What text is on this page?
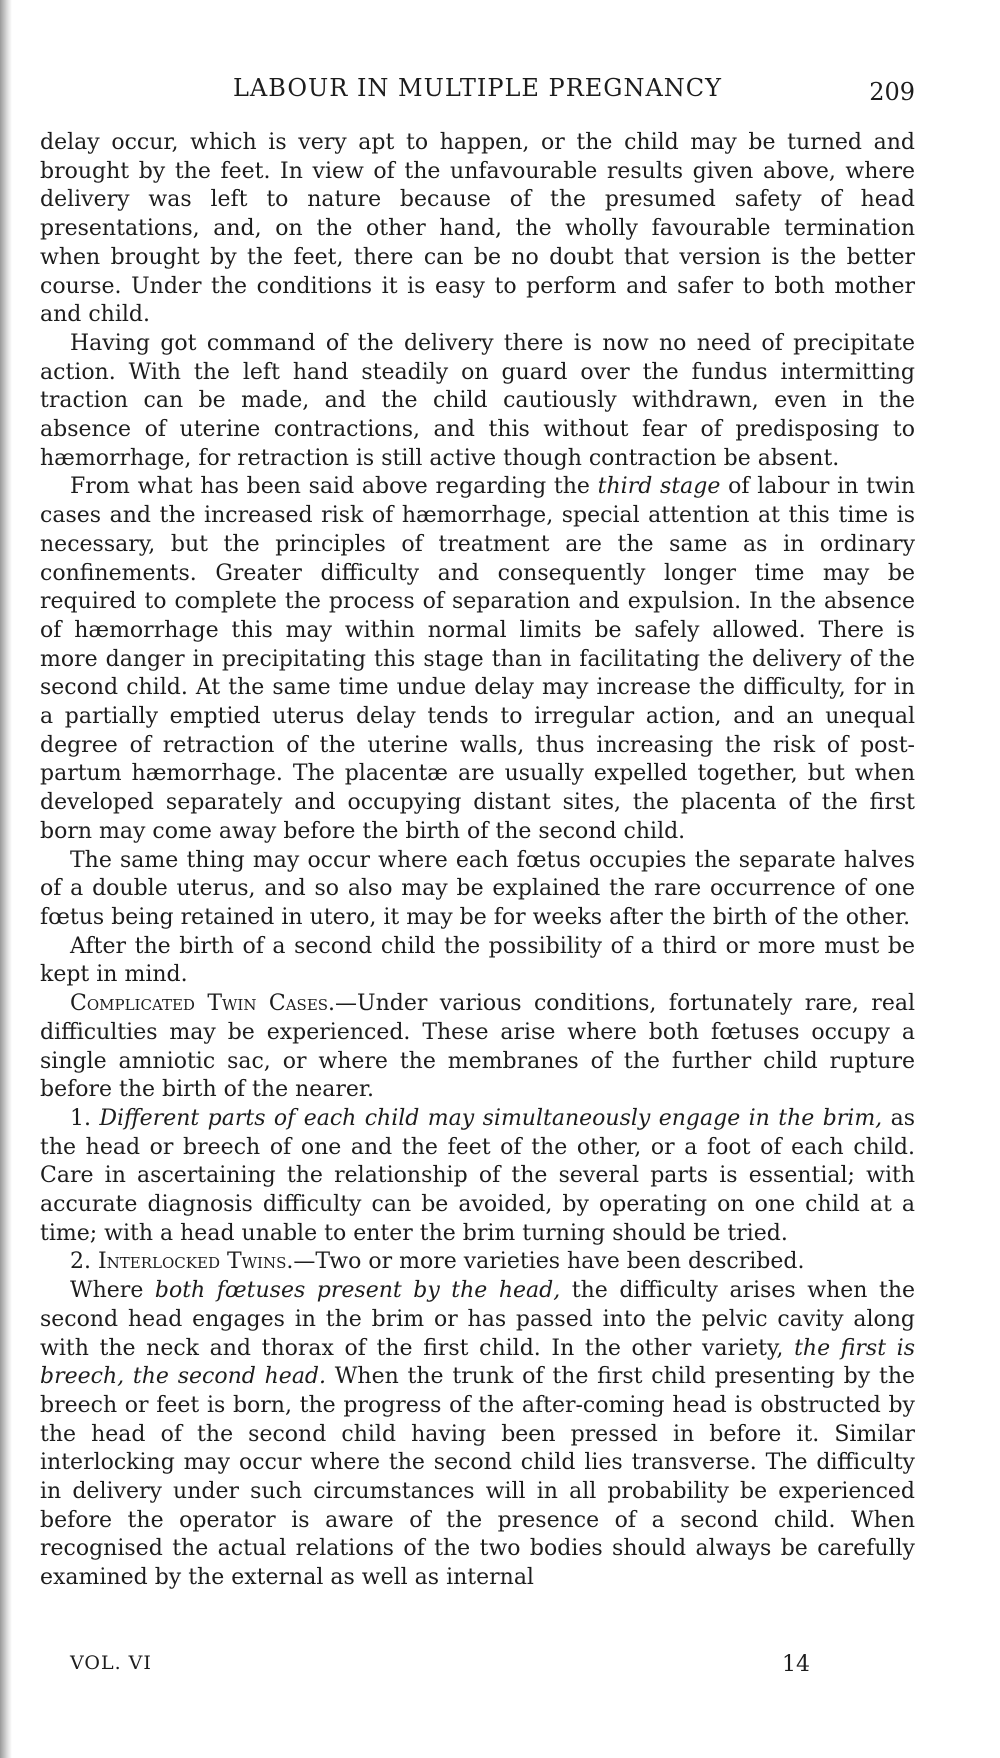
LABOUR IN MULTIPLE PREGNANCY	209

delay occur, which is very apt to happen, or the child may be turned and brought by the feet. In view of the unfavourable results given above, where delivery was left to nature because of the presumed safety of head presentations, and, on the other hand, the wholly favourable termination when brought by the feet, there can be no doubt that version is the better course. Under the conditions it is easy to perform and safer to both mother and child.

Having got command of the delivery there is now no need of precipitate action. With the left hand steadily on guard over the fundus intermitting traction can be made, and the child cautiously withdrawn, even in the absence of uterine contractions, and this without fear of predisposing to hæmorrhage, for retraction is still active though contraction be absent.

From what has been said above regarding the third stage of labour in twin cases and the increased risk of hæmorrhage, special attention at this time is necessary, but the principles of treatment are the same as in ordinary confinements. Greater difficulty and consequently longer time may be required to complete the process of separation and expulsion. In the absence of hæmorrhage this may within normal limits be safely allowed. There is more danger in precipitating this stage than in facilitating the delivery of the second child. At the same time undue delay may increase the difficulty, for in a partially emptied uterus delay tends to irregular action, and an unequal degree of retraction of the uterine walls, thus increasing the risk of post-partum hæmorrhage. The placentæ are usually expelled together, but when developed separately and occupying distant sites, the placenta of the first born may come away before the birth of the second child.

The same thing may occur where each fœtus occupies the separate halves of a double uterus, and so also may be explained the rare occurrence of one fœtus being retained in utero, it may be for weeks after the birth of the other.

After the birth of a second child the possibility of a third or more must be kept in mind.

Complicated Twin Cases.—Under various conditions, fortunately rare, real difficulties may be experienced. These arise where both fœtuses occupy a single amniotic sac, or where the membranes of the further child rupture before the birth of the nearer.

1. Different parts of each child may simultaneously engage in the brim, as the head or breech of one and the feet of the other, or a foot of each child. Care in ascertaining the relationship of the several parts is essential; with accurate diagnosis difficulty can be avoided, by operating on one child at a time; with a head unable to enter the brim turning should be tried.

2. Interlocked Twins.—Two or more varieties have been described.

Where both fœtuses present by the head, the difficulty arises when the second head engages in the brim or has passed into the pelvic cavity along with the neck and thorax of the first child. In the other variety, the first is breech, the second head. When the trunk of the first child presenting by the breech or feet is born, the progress of the after-coming head is obstructed by the head of the second child having been pressed in before it. Similar interlocking may occur where the second child lies transverse. The difficulty in delivery under such circumstances will in all probability be experienced before the operator is aware of the presence of a second child. When recognised the actual relations of the two bodies should always be carefully examined by the external as well as internal

VOL. VI	14
